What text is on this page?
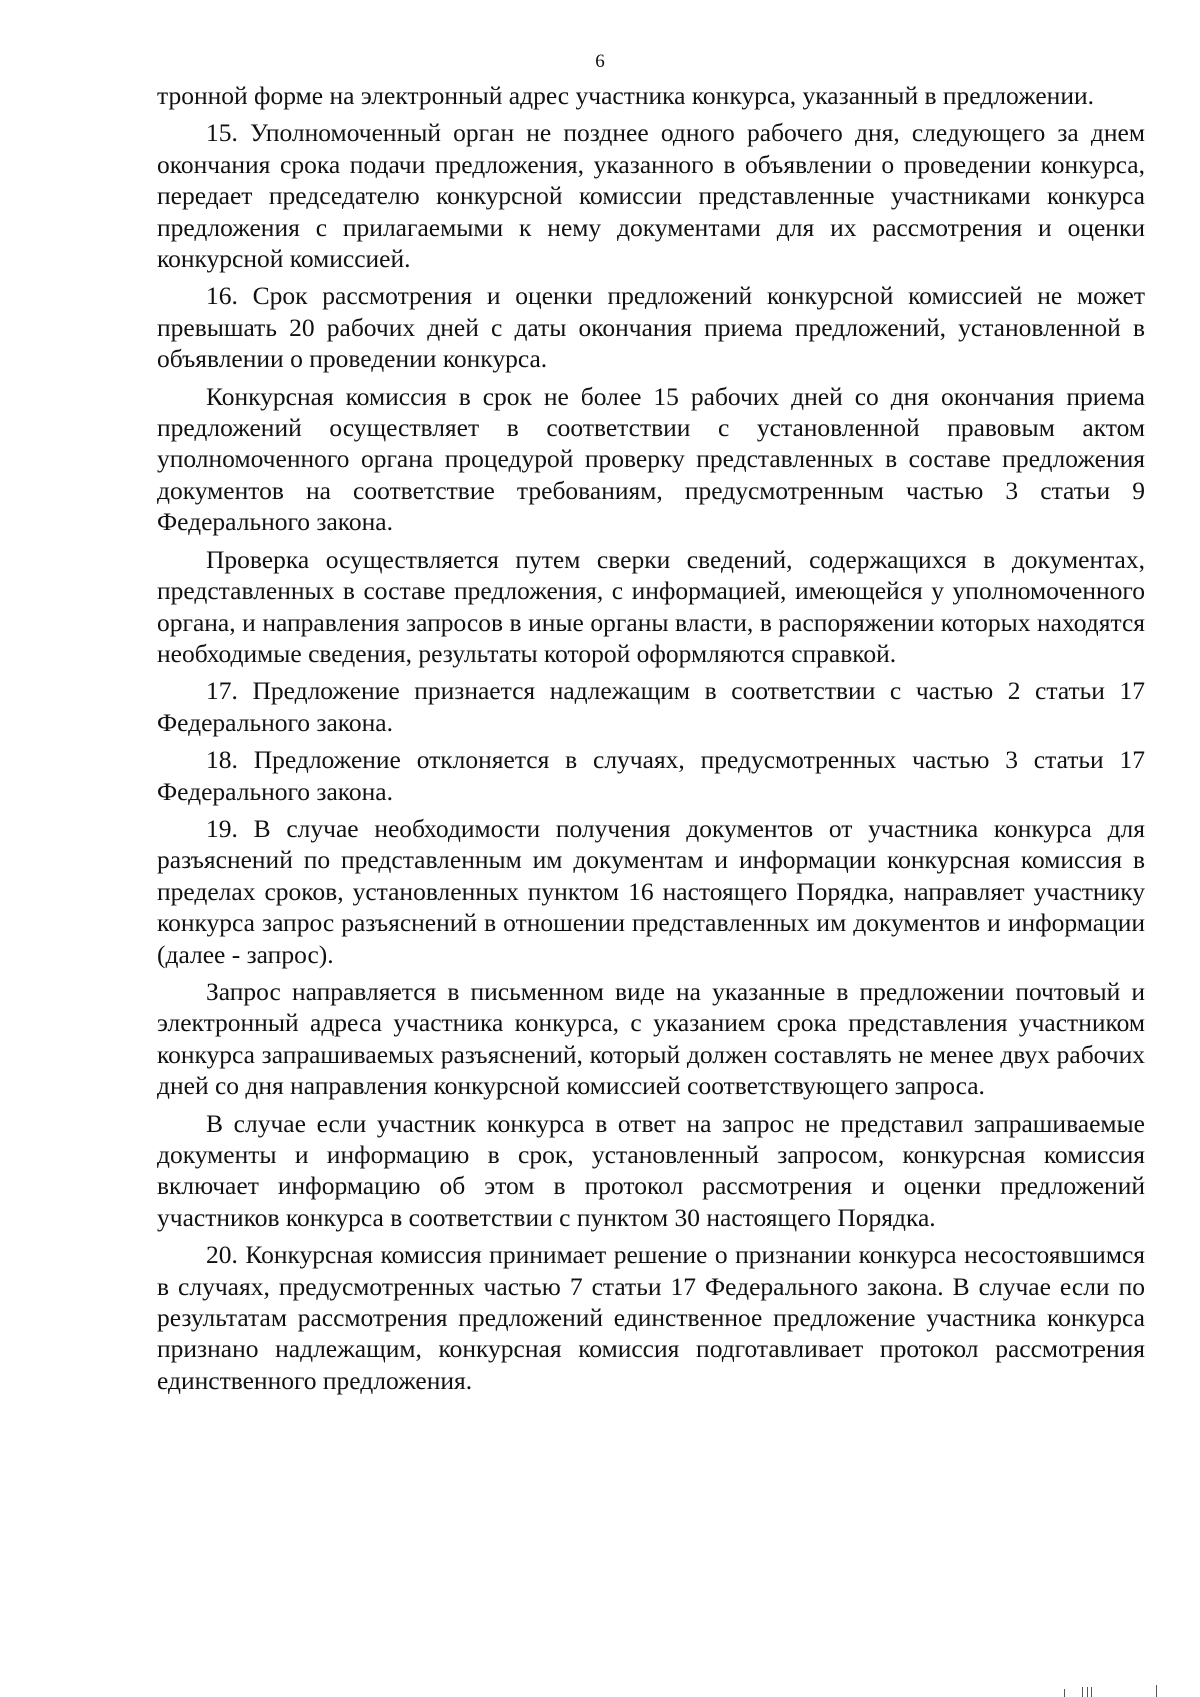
6

тронной форме на электронный адрес участника конкурса, указанный в предложении.

15. Уполномоченный орган не позднее одного рабочего дня, следующего за днем окончания срока подачи предложения, указанного в объявлении о проведении конкурса, передает председателю конкурсной комиссии представленные участниками конкурса предложения с прилагаемыми к нему документами для их рассмотрения и оценки конкурсной комиссией.

16. Срок рассмотрения и оценки предложений конкурсной комиссией не может превышать 20 рабочих дней с даты окончания приема предложений, установленной в объявлении о проведении конкурса.

Конкурсная комиссия в срок не более 15 рабочих дней со дня окончания приема предложений осуществляет в соответствии с установленной правовым актом уполномоченного органа процедурой проверку представленных в составе предложения документов на соответствие требованиям, предусмотренным частью 3 статьи 9 Федерального закона.

Проверка осуществляется путем сверки сведений, содержащихся в документах, представленных в составе предложения, с информацией, имеющейся у уполномоченного органа, и направления запросов в иные органы власти, в распоряжении которых находятся необходимые сведения, результаты которой оформляются справкой.

17. Предложение признается надлежащим в соответствии с частью 2 статьи 17 Федерального закона.

18. Предложение отклоняется в случаях, предусмотренных частью 3 статьи 17 Федерального закона.

19. В случае необходимости получения документов от участника конкурса для разъяснений по представленным им документам и информации конкурсная комиссия в пределах сроков, установленных пунктом 16 настоящего Порядка, направляет участнику конкурса запрос разъяснений в отношении представленных им документов и информации (далее - запрос).

Запрос направляется в письменном виде на указанные в предложении почтовый и электронный адреса участника конкурса, с указанием срока представления участником конкурса запрашиваемых разъяснений, который должен составлять не менее двух рабочих дней со дня направления конкурсной комиссией соответствующего запроса.

В случае если участник конкурса в ответ на запрос не представил запрашиваемые документы и информацию в срок, установленный запросом, конкурсная комиссия включает информацию об этом в протокол рассмотрения и оценки предложений участников конкурса в соответствии с пунктом 30 настоящего Порядка.

20. Конкурсная комиссия принимает решение о признании конкурса несостоявшимся в случаях, предусмотренных частью 7 статьи 17 Федерального закона. В случае если по результатам рассмотрения предложений единственное предложение участника конкурса признано надлежащим, конкурсная комиссия подготавливает протокол рассмотрения единственного предложения.
